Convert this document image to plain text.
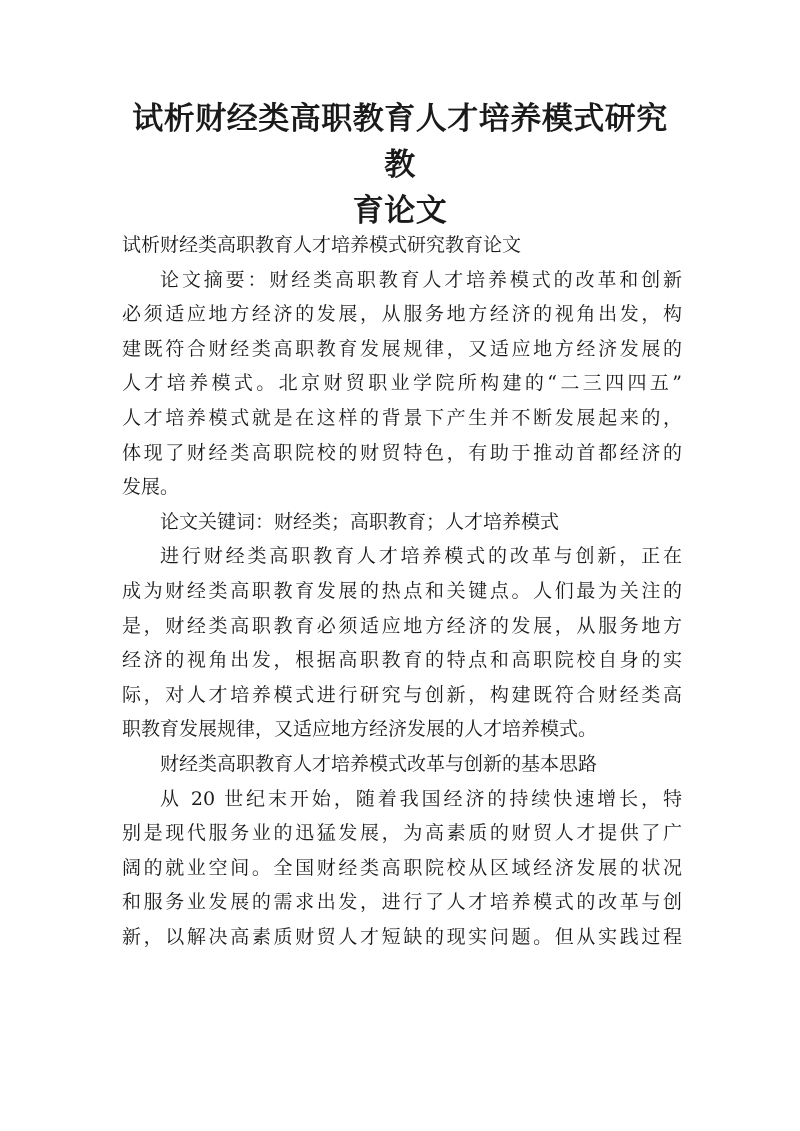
试析财经类高职教育人才培养模式研究教
育论文
试析财经类高职教育人才培养模式研究教育论文
论文摘要：财经类高职教育人才培养模式的改革和创新
必须适应地方经济的发展，从服务地方经济的视角出发，构
建既符合财经类高职教育发展规律，又适应地方经济发展的
人才培养模式。北京财贸职业学院所构建的“二三四四五”
人才培养模式就是在这样的背景下产生并不断发展起来的，
体现了财经类高职院校的财贸特色，有助于推动首都经济的
发展。
论文关键词：财经类；高职教育；人才培养模式
进行财经类高职教育人才培养模式的改革与创新，正在
成为财经类高职教育发展的热点和关键点。人们最为关注的
是，财经类高职教育必须适应地方经济的发展，从服务地方
经济的视角出发，根据高职教育的特点和高职院校自身的实
际，对人才培养模式进行研究与创新，构建既符合财经类高
职教育发展规律，又适应地方经济发展的人才培养模式。
财经类高职教育人才培养模式改革与创新的基本思路
从 20 世纪末开始，随着我国经济的持续快速增长，特
别是现代服务业的迅猛发展，为高素质的财贸人才提供了广
阔的就业空间。全国财经类高职院校从区域经济发展的状况
和服务业发展的需求出发，进行了人才培养模式的改革与创
新，以解决高素质财贸人才短缺的现实问题。但从实践过程
